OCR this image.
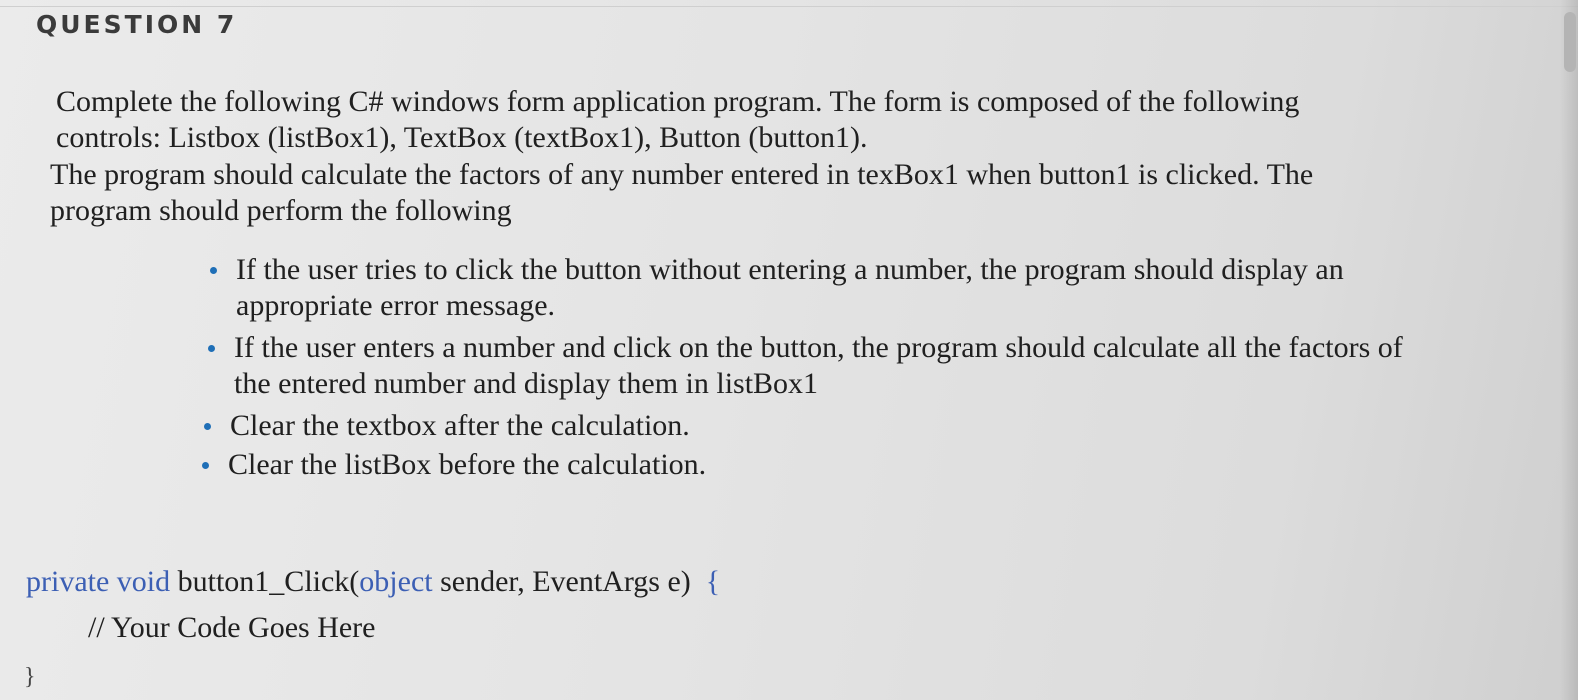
QUESTION 7
Complete the following C# windows form application program. The form is composed of the following
controls: Listbox (listBox1), TextBox (textBox1), Button (button1).
The program should calculate the factors of any number entered in texBox1 when button1 is clicked. The
program should perform the following
If the user tries to click the button without entering a number, the program should display an
appropriate error message.
If the user enters a number and click on the button, the program should calculate all the factors of
the entered number and display them in listBox1
Clear the textbox after the calculation.
Clear the listBox before the calculation.
private void button1_Click(object sender, EventArgs e) {
// Your Code Goes Here
}
